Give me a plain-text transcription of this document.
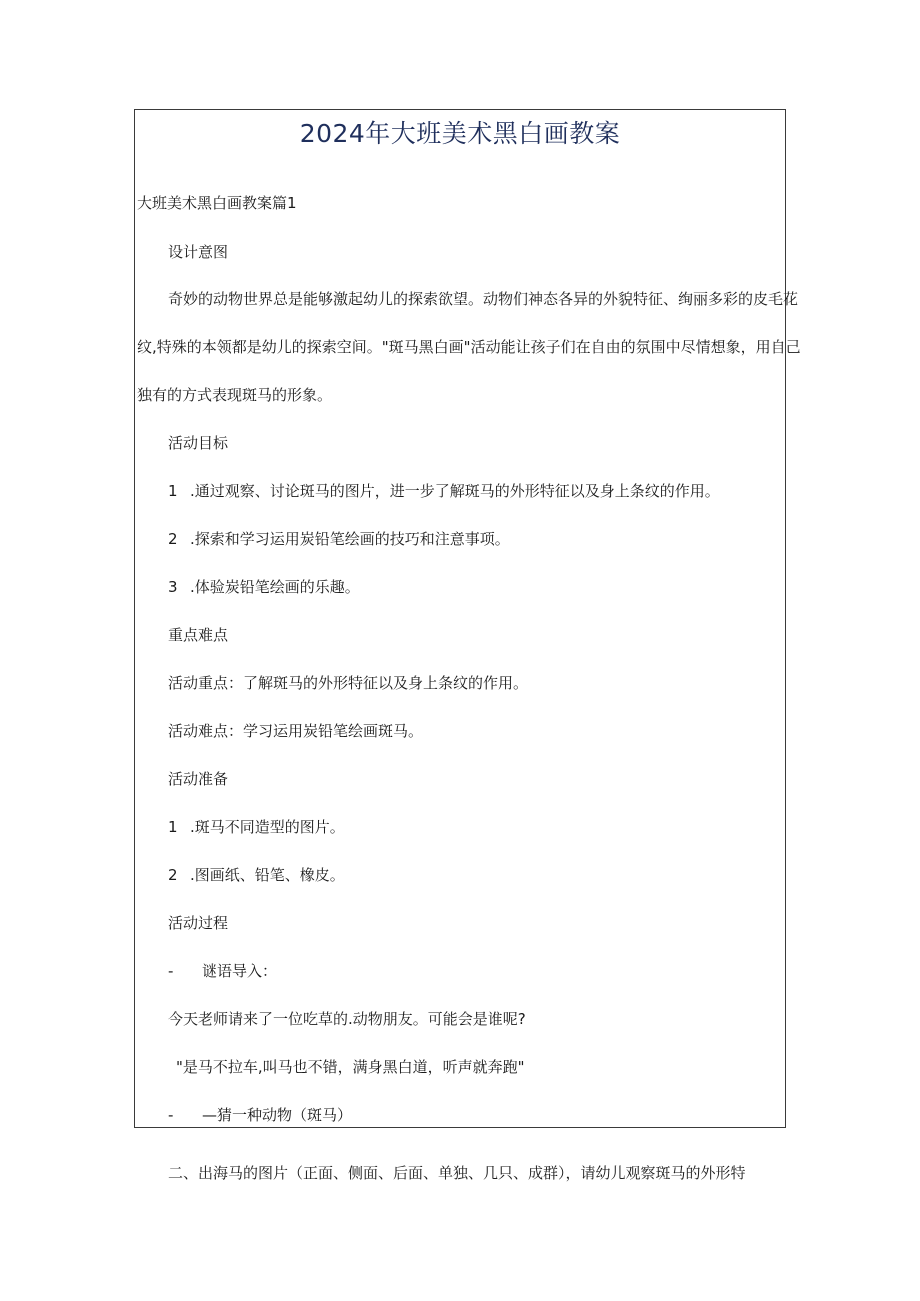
2024年大班美术黑白画教案
大班美术黑白画教案篇1
设计意图
奇妙的动物世界总是能够激起幼儿的探索欲望。动物们神态各异的外貌特征、绚丽多彩的皮毛花
纹,特殊的本领都是幼儿的探索空间。"斑马黑白画"活动能让孩子们在自由的氛围中尽情想象，用自己
独有的方式表现斑马的形象。
活动目标
1 .通过观察、讨论斑马的图片，进一步了解斑马的外形特征以及身上条纹的作用。
2 .探索和学习运用炭铅笔绘画的技巧和注意事项。
3 .体验炭铅笔绘画的乐趣。
重点难点
活动重点：了解斑马的外形特征以及身上条纹的作用。
活动难点：学习运用炭铅笔绘画斑马。
活动准备
1 .斑马不同造型的图片。
2 .图画纸、铅笔、橡皮。
活动过程
- 谜语导入：
今天老师请来了一位吃草的.动物朋友。可能会是谁呢?
"是马不拉车,叫马也不错，满身黑白道，听声就奔跑"
- —猜一种动物（斑马）
二、出海马的图片（正面、侧面、后面、单独、几只、成群），请幼儿观察斑马的外形特
